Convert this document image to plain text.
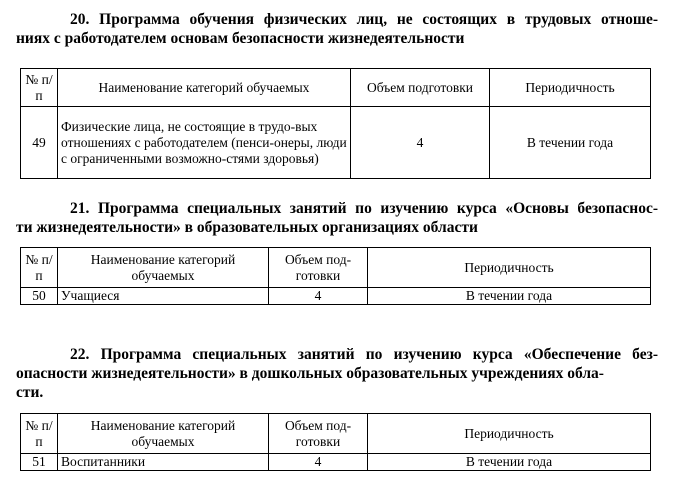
20. Программа обучения физических лиц, не состоящих в трудовых отноше-
ниях с работодателем основам безопасности жизнедеятельности
№ п/п	Наименование категорий обучаемых	Объем подготовки	Периодичность
49	Физические лица, не состоящие в трудо-вых отношениях с работодателем (пенси-онеры, люди с ограниченными возможно-стями здоровья)	4	В течении года
21. Программа специальных занятий по изучению курса «Основы безопаснос-
ти жизнедеятельности» в образовательных организациях области
№ п/п	Наименование категорий обучаемых	Объем под-готовки	Периодичность
50	Учащиеся	4	В течении года
22. Программа специальных занятий по изучению курса «Обеспечение без-
опасности жизнедеятельности» в дошкольных образовательных учреждениях обла-
сти.
№ п/п	Наименование категорий обучаемых	Объем под-готовки	Периодичность
51	Воспитанники	4	В течении года
